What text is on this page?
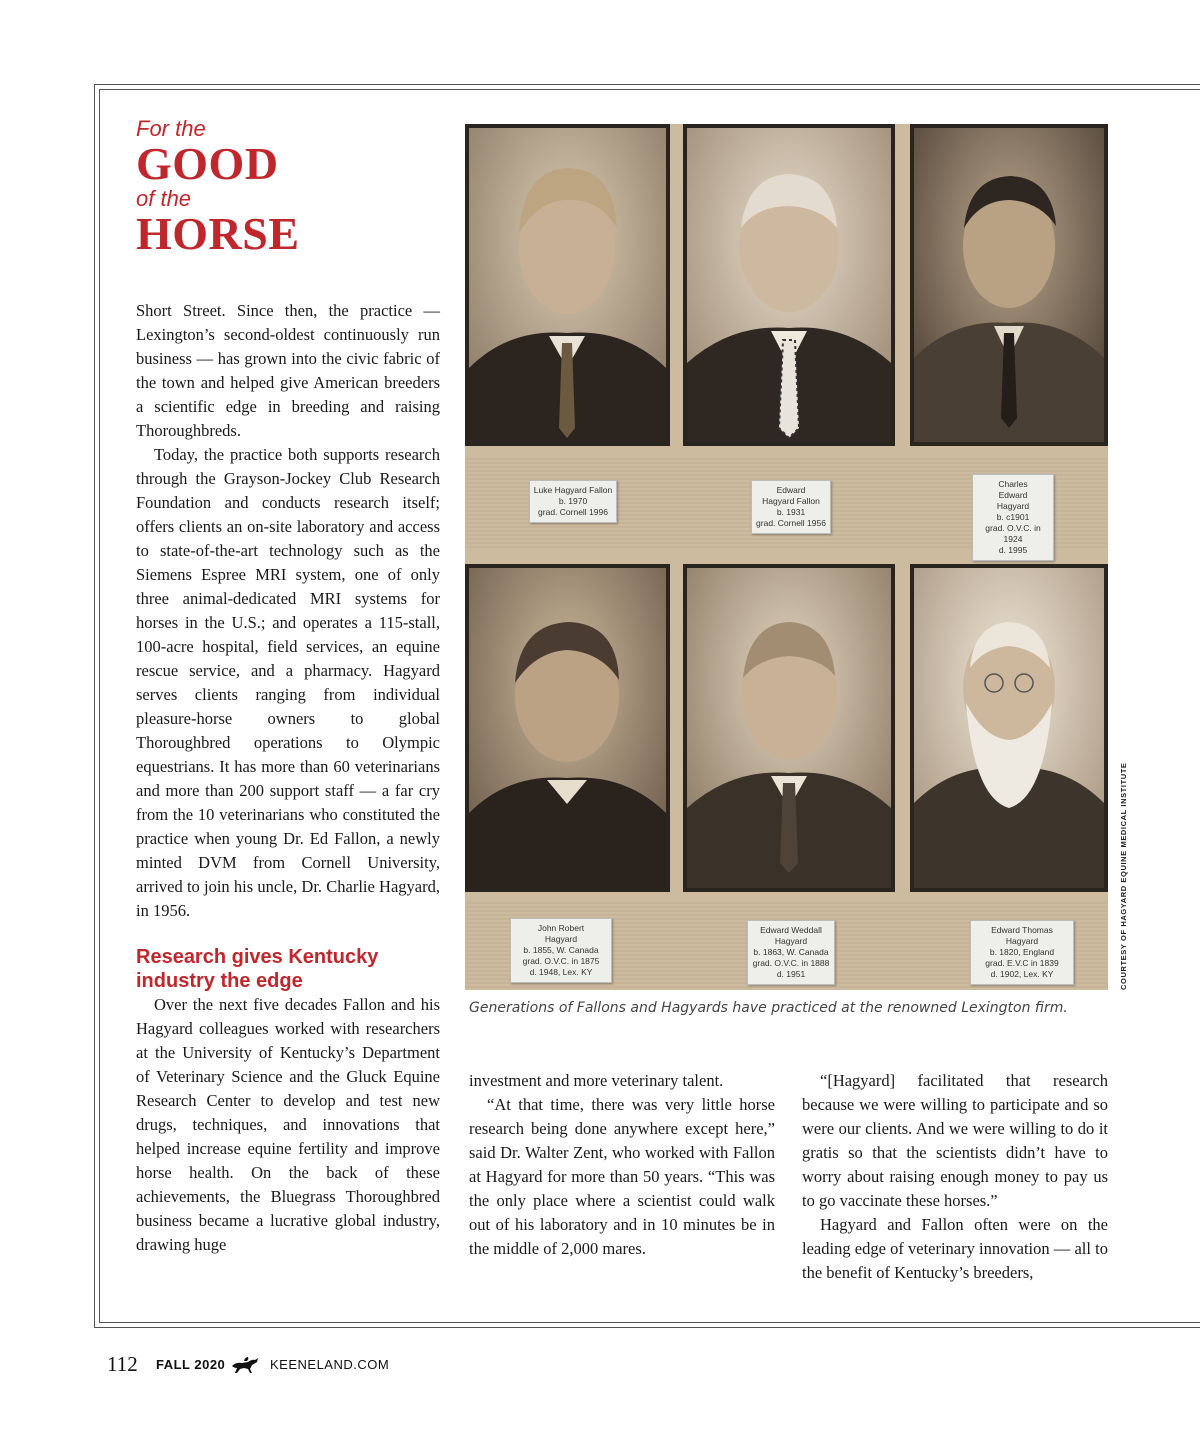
For the
GOOD
of the
HORSE

Short Street. Since then, the practice — Lexington’s second-oldest continuously run business — has grown into the civic fabric of the town and helped give American breeders a scientific edge in breeding and raising Thoroughbreds.

Today, the practice both supports research through the Grayson-Jockey Club Research Foundation and conducts research itself; offers clients an on-site laboratory and access to state-of-the-art technology such as the Siemens Espree MRI system, one of only three animal-dedicated MRI systems for horses in the U.S.; and operates a 115-stall, 100-acre hospital, field services, an equine rescue service, and a pharmacy. Hagyard serves clients ranging from individual pleasure-horse owners to global Thoroughbred operations to Olympic equestrians. It has more than 60 veterinarians and more than 200 support staff — a far cry from the 10 veterinarians who constituted the practice when young Dr. Ed Fallon, a newly minted DVM from Cornell University, arrived to join his uncle, Dr. Charlie Hagyard, in 1956.

Research gives Kentucky industry the edge

Over the next five decades Fallon and his Hagyard colleagues worked with researchers at the University of Kentucky’s Department of Veterinary Science and the Gluck Equine Research Center to develop and test new drugs, techniques, and innovations that helped increase equine fertility and improve horse health. On the back of these achievements, the Bluegrass Thoroughbred business became a lucrative global industry, drawing huge

investment and more veterinary talent.

“At that time, there was very little horse research being done anywhere except here,” said Dr. Walter Zent, who worked with Fallon at Hagyard for more than 50 years. “This was the only place where a scientist could walk out of his laboratory and in 10 minutes be in the middle of 2,000 mares.

“[Hagyard] facilitated that research because we were willing to participate and so were our clients. And we were willing to do it gratis so that the scientists didn’t have to worry about raising enough money to pay us to go vaccinate these horses.”

Hagyard and Fallon often were on the leading edge of veterinary innovation — all to the benefit of Kentucky’s breeders,

Luke Hagyard Fallon
b. 1970
grad. Cornell 1996
Edward
Hagyard Fallon
b. 1931
grad. Cornell 1956
Charles
Edward
Hagyard
b. c1901
grad. O.V.C. in 1924
d. 1995
John Robert
Hagyard
b. 1855, W. Canada
grad. O.V.C. in 1875
d. 1948, Lex. KY
Edward Weddall
Hagyard
b. 1863, W. Canada
grad. O.V.C. in 1888
d. 1951
Edward Thomas Hagyard
b. 1820, England
grad. E.V.C in 1839
d. 1902, Lex. KY	COURTESY OF HAGYARD EQUINE MEDICAL INSTITUTE
Generations of Fallons and Hagyards have practiced at the renowned Lexington firm.
112 FALL 2020	KEENELAND.COM
